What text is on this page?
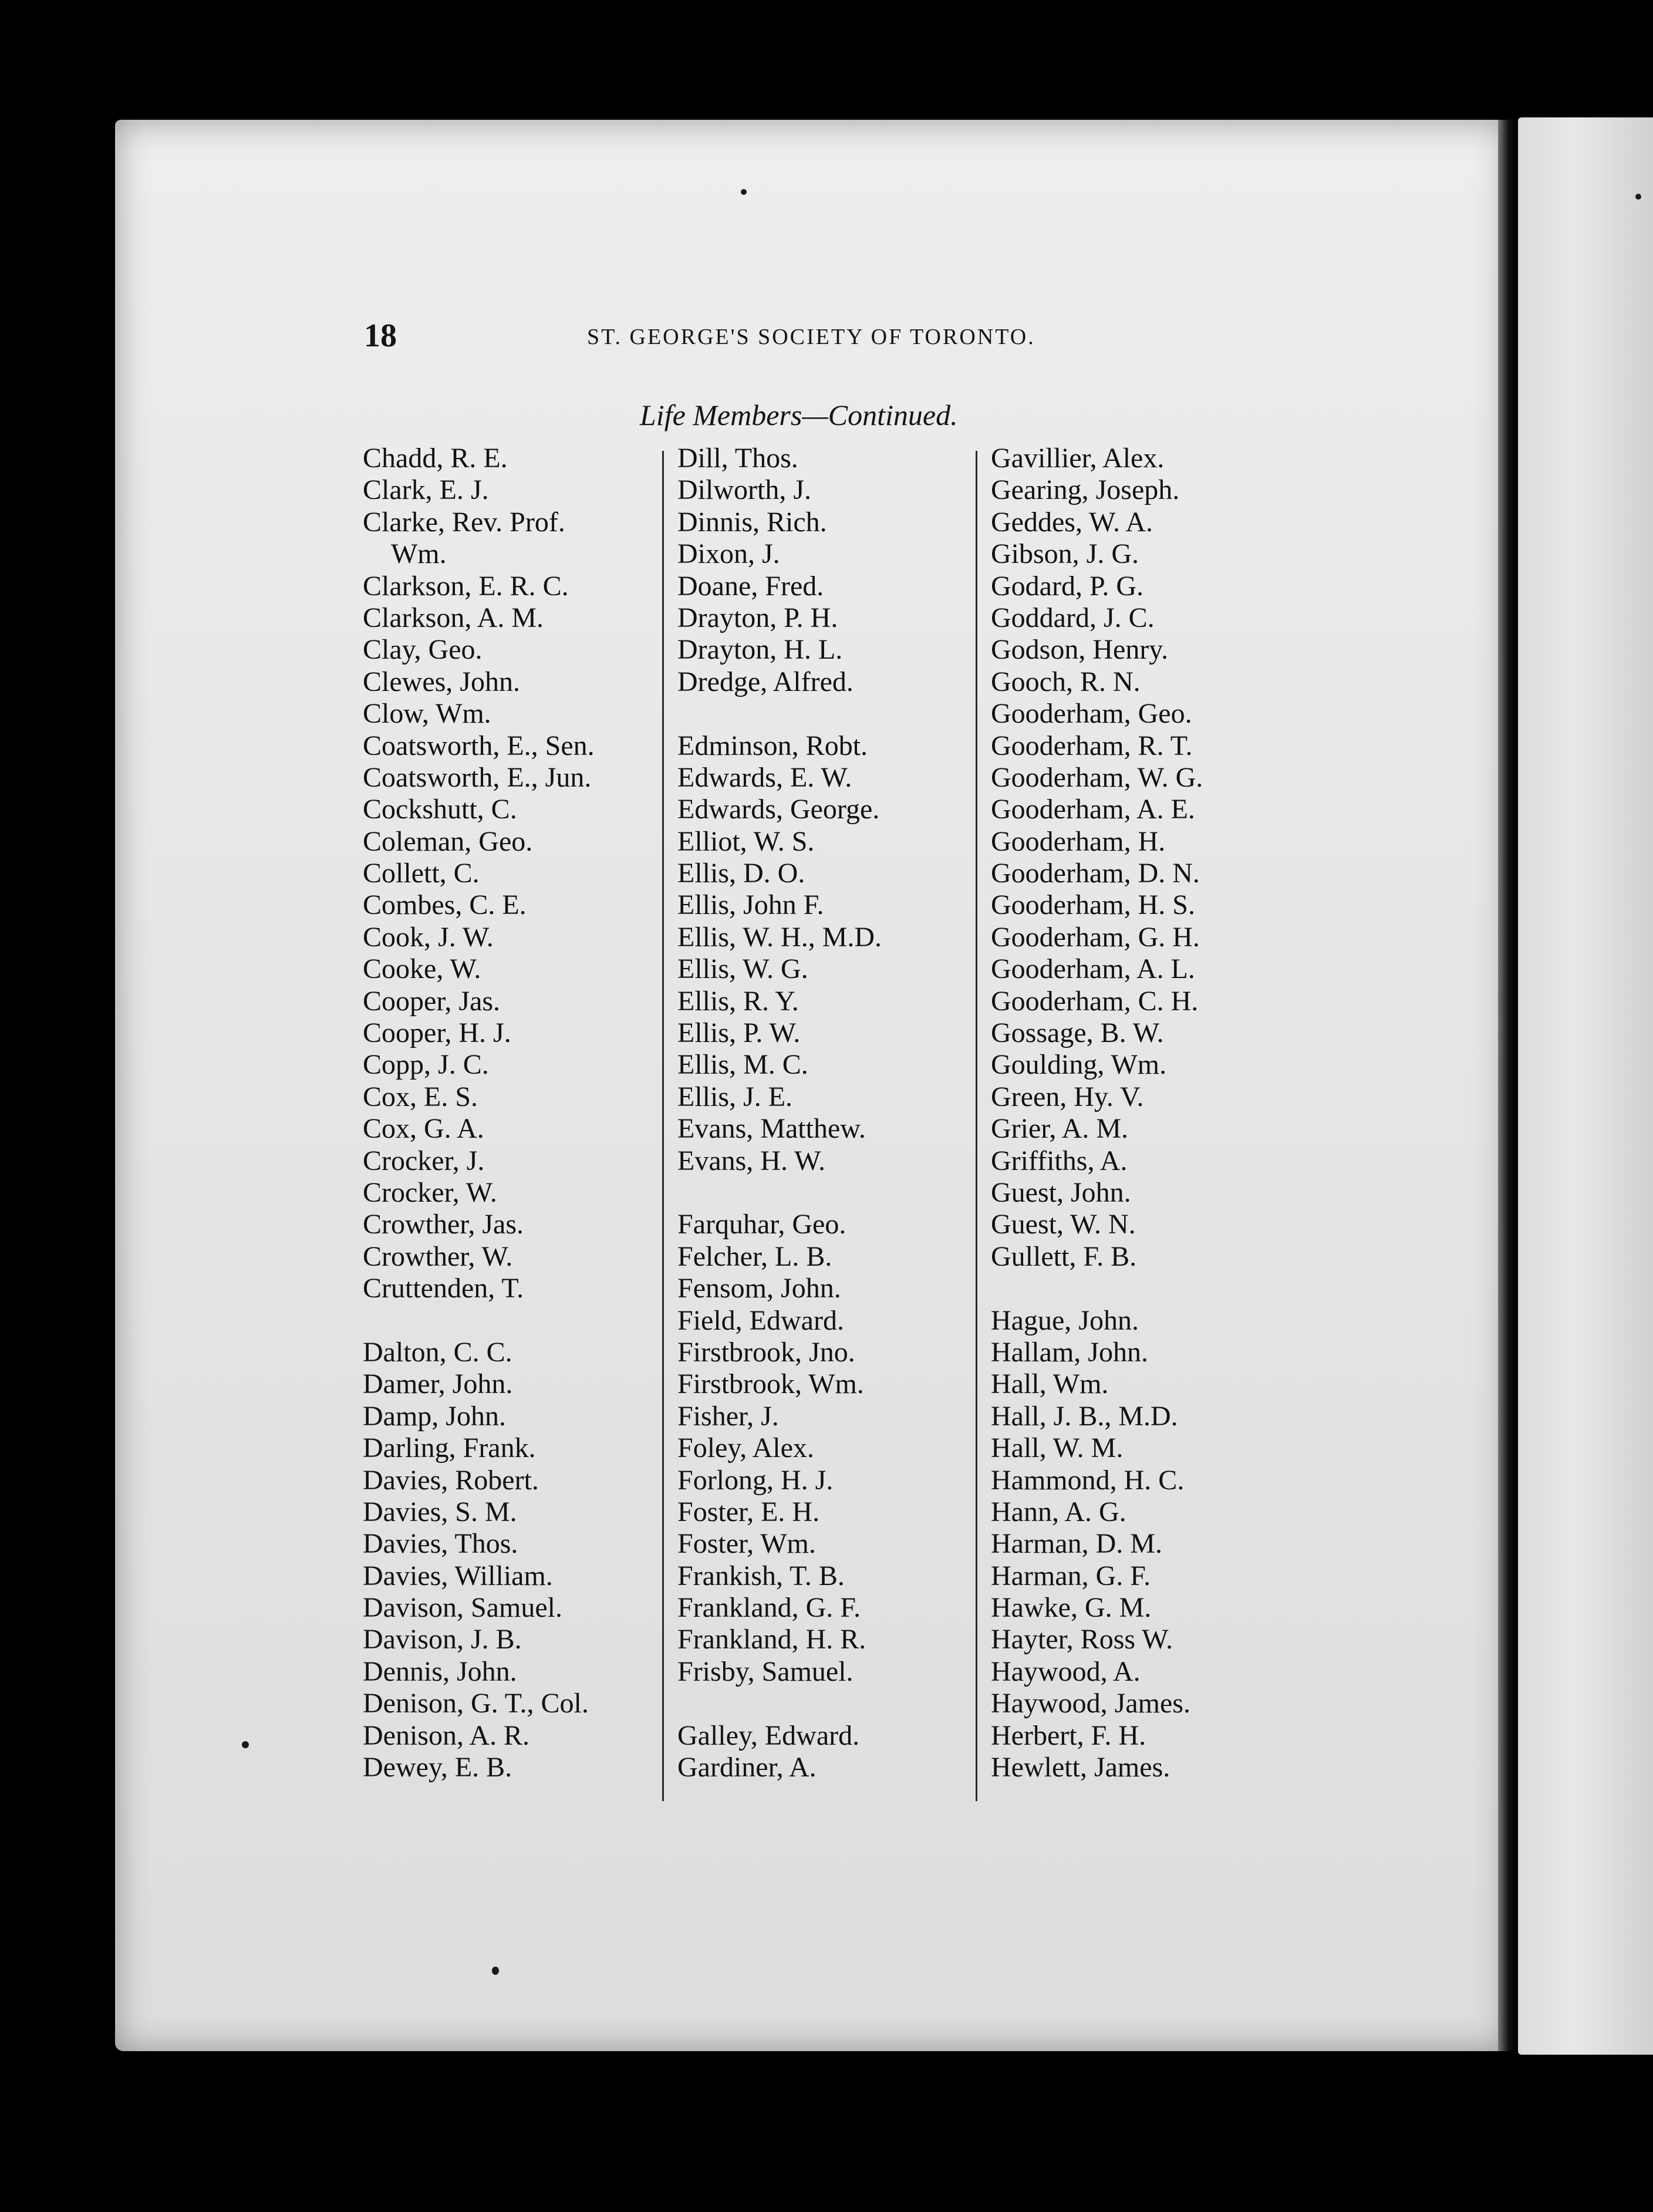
18	ST. GEORGE'S SOCIETY OF TORONTO.
Life Members—Continued.
Chadd, R. E.
Clark, E. J.
Clarke, Rev. Prof.
Wm.
Clarkson, E. R. C.
Clarkson, A. M.
Clay, Geo.
Clewes, John.
Clow, Wm.
Coatsworth, E., Sen.
Coatsworth, E., Jun.
Cockshutt, C.
Coleman, Geo.
Collett, C.
Combes, C. E.
Cook, J. W.
Cooke, W.
Cooper, Jas.
Cooper, H. J.
Copp, J. C.
Cox, E. S.
Cox, G. A.
Crocker, J.
Crocker, W.
Crowther, Jas.
Crowther, W.
Cruttenden, T.
Dalton, C. C.
Damer, John.
Damp, John.
Darling, Frank.
Davies, Robert.
Davies, S. M.
Davies, Thos.
Davies, William.
Davison, Samuel.
Davison, J. B.
Dennis, John.
Denison, G. T., Col.
Denison, A. R.
Dewey, E. B.
Dill, Thos.
Dilworth, J.
Dinnis, Rich.
Dixon, J.
Doane, Fred.
Drayton, P. H.
Drayton, H. L.
Dredge, Alfred.
Edminson, Robt.
Edwards, E. W.
Edwards, George.
Elliot, W. S.
Ellis, D. O.
Ellis, John F.
Ellis, W. H., M.D.
Ellis, W. G.
Ellis, R. Y.
Ellis, P. W.
Ellis, M. C.
Ellis, J. E.
Evans, Matthew.
Evans, H. W.
Farquhar, Geo.
Felcher, L. B.
Fensom, John.
Field, Edward.
Firstbrook, Jno.
Firstbrook, Wm.
Fisher, J.
Foley, Alex.
Forlong, H. J.
Foster, E. H.
Foster, Wm.
Frankish, T. B.
Frankland, G. F.
Frankland, H. R.
Frisby, Samuel.
Galley, Edward.
Gardiner, A.
Gavillier, Alex.
Gearing, Joseph.
Geddes, W. A.
Gibson, J. G.
Godard, P. G.
Goddard, J. C.
Godson, Henry.
Gooch, R. N.
Gooderham, Geo.
Gooderham, R. T.
Gooderham, W. G.
Gooderham, A. E.
Gooderham, H.
Gooderham, D. N.
Gooderham, H. S.
Gooderham, G. H.
Gooderham, A. L.
Gooderham, C. H.
Gossage, B. W.
Goulding, Wm.
Green, Hy. V.
Grier, A. M.
Griffiths, A.
Guest, John.
Guest, W. N.
Gullett, F. B.
Hague, John.
Hallam, John.
Hall, Wm.
Hall, J. B., M.D.
Hall, W. M.
Hammond, H. C.
Hann, A. G.
Harman, D. M.
Harman, G. F.
Hawke, G. M.
Hayter, Ross W.
Haywood, A.
Haywood, James.
Herbert, F. H.
Hewlett, James.
